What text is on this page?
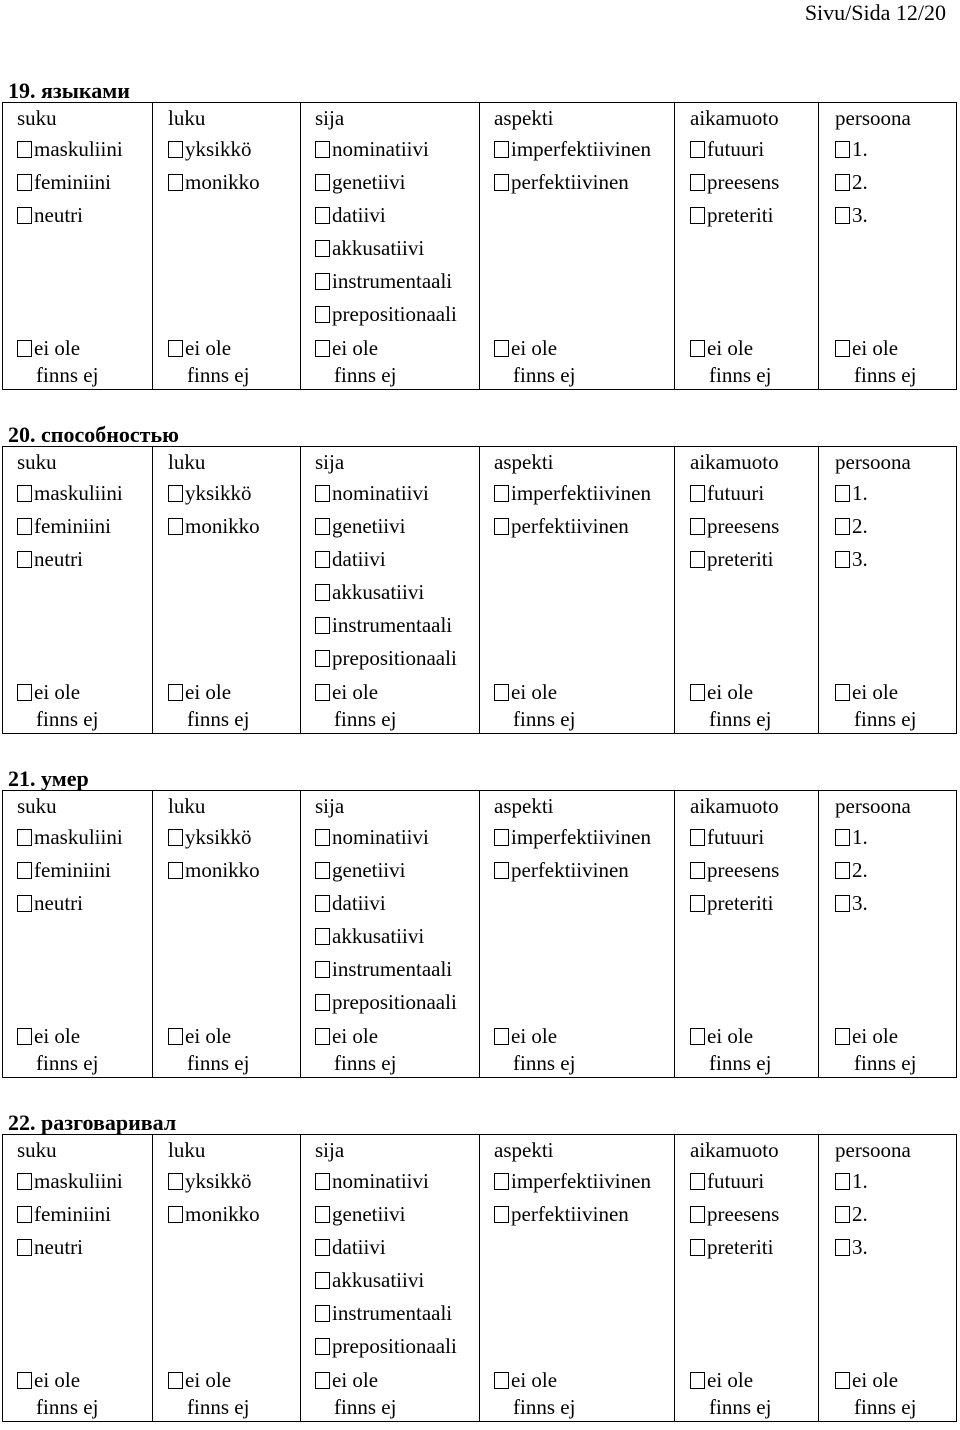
Sivu/Sida 12/20
19. языками
suku
maskuliini
feminiini
neutri
ei ole
finns ej
luku
yksikkö
monikko
ei ole
finns ej
sija
nominatiivi
genetiivi
datiivi
akkusatiivi
instrumentaali
prepositionaali
ei ole
finns ej
aspekti
imperfektiivinen
perfektiivinen
ei ole
finns ej
aikamuoto
futuuri
preesens
preteriti
ei ole
finns ej
persoona
1.
2.
3.
ei ole
finns ej
20. способностью
suku
maskuliini
feminiini
neutri
ei ole
finns ej
luku
yksikkö
monikko
ei ole
finns ej
sija
nominatiivi
genetiivi
datiivi
akkusatiivi
instrumentaali
prepositionaali
ei ole
finns ej
aspekti
imperfektiivinen
perfektiivinen
ei ole
finns ej
aikamuoto
futuuri
preesens
preteriti
ei ole
finns ej
persoona
1.
2.
3.
ei ole
finns ej
21. умер
suku
maskuliini
feminiini
neutri
ei ole
finns ej
luku
yksikkö
monikko
ei ole
finns ej
sija
nominatiivi
genetiivi
datiivi
akkusatiivi
instrumentaali
prepositionaali
ei ole
finns ej
aspekti
imperfektiivinen
perfektiivinen
ei ole
finns ej
aikamuoto
futuuri
preesens
preteriti
ei ole
finns ej
persoona
1.
2.
3.
ei ole
finns ej
22. разговаривал
suku
maskuliini
feminiini
neutri
ei ole
finns ej
luku
yksikkö
monikko
ei ole
finns ej
sija
nominatiivi
genetiivi
datiivi
akkusatiivi
instrumentaali
prepositionaali
ei ole
finns ej
aspekti
imperfektiivinen
perfektiivinen
ei ole
finns ej
aikamuoto
futuuri
preesens
preteriti
ei ole
finns ej
persoona
1.
2.
3.
ei ole
finns ej
